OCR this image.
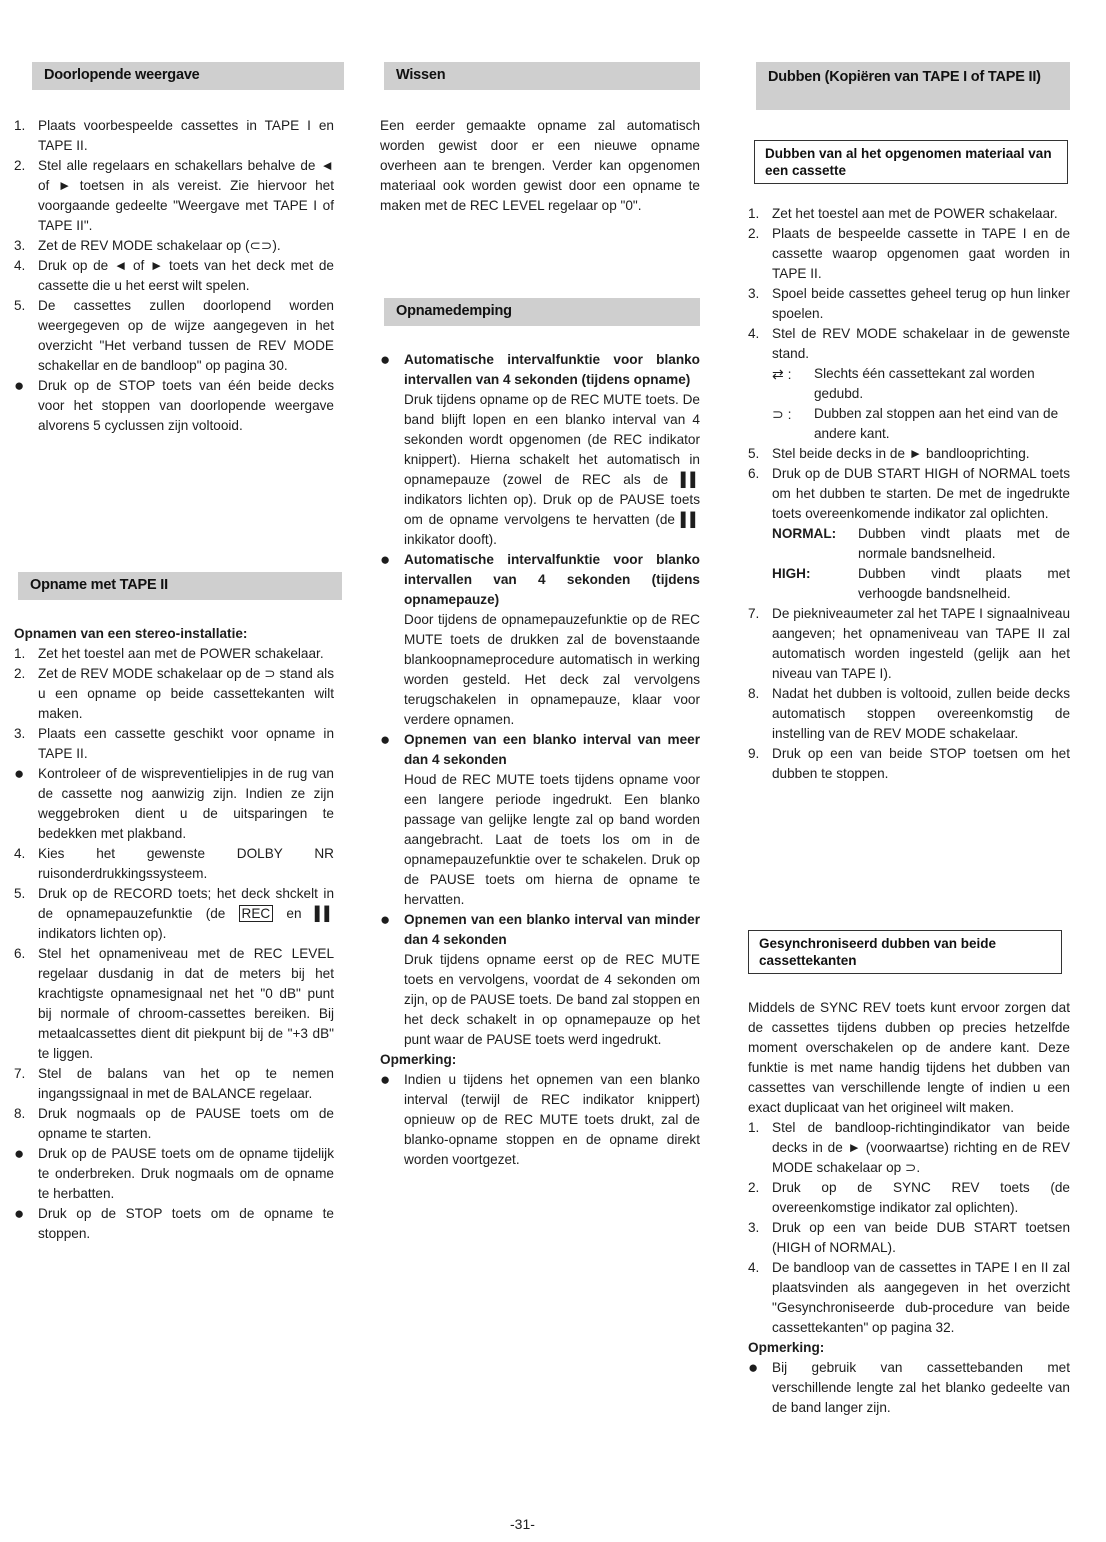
Doorlopende weergave
1. Plaats voorbespeelde cassettes in TAPE I en TAPE II.
2. Stel alle regelaars en schakellars behalve de ◄ of ► toetsen in als vereist. Zie hiervoor het voorgaande gedeelte "Weergave met TAPE I of TAPE II".
3. Zet de REV MODE schakelaar op (⊂⊃).
4. Druk op de ◄ of ► toets van het deck met de cassette die u het eerst wilt spelen.
5. De cassettes zullen doorlopend worden weergegeven op de wijze aangegeven in het overzicht "Het verband tussen de REV MODE schakellar en de bandloop" op pagina 30.
●	Druk op de STOP toets van één beide decks voor het stoppen van doorlopende weergave alvorens 5 cyclussen zijn voltooid.
Opname met TAPE II
Opnamen van een stereo-installatie:
1. Zet het toestel aan met de POWER schakelaar.
2. Zet de REV MODE schakelaar op de ⊃ stand als u een opname op beide cassettekanten wilt maken.
3. Plaats een cassette geschikt voor opname in TAPE II.
●	Kontroleer of de wispreventielipjes in de rug van de cassette nog aanwizig zijn. Indien ze zijn weggebroken dient u de uitsparingen te bedekken met plakband.
4. Kies het gewenste DOLBY NR ruisonderdrukkingssysteem.
5. Druk op de RECORD toets; het deck shckelt in de opnamepauzefunktie (de REC en ▌▌ indikators lichten op).
6. Stel het opnameniveau met de REC LEVEL regelaar dusdanig in dat de meters bij het krachtigste opnamesignaal net het "0 dB" punt bij normale of chroom-cassettes bereiken. Bij metaalcassettes dient dit piekpunt bij de "+3 dB" te liggen.
7. Stel de balans van het op te nemen ingangssignaal in met de BALANCE regelaar.
8. Druk nogmaals op de PAUSE toets om de opname te starten.
●	Druk op de PAUSE toets om de opname tijdelijk te onderbreken. Druk nogmaals om de opname te herbatten.
●	Druk op de STOP toets om de opname te stoppen.
Wissen
Een eerder gemaakte opname zal automatisch worden gewist door er een nieuwe opname overheen aan te brengen. Verder kan opgenomen materiaal ook worden gewist door een opname te maken met de REC LEVEL regelaar op "0".
Opnamedemping
●	Automatische intervalfunktie voor blanko intervallen van 4 sekonden (tijdens opname)
Druk tijdens opname op de REC MUTE toets. De band blijft lopen en een blanko interval van 4 sekonden wordt opgenomen (de REC indikator knippert). Hierna schakelt het automatisch in opnamepauze (zowel de REC als de ▌▌ indikators lichten op). Druk op de PAUSE toets om de opname vervolgens te hervatten (de ▌▌ inkikator dooft).
●	Automatische intervalfunktie voor blanko intervallen van 4 sekonden (tijdens opnamepauze)
Door tijdens de opnamepauzefunktie op de REC MUTE toets de drukken zal de bovenstaande blankoopnameprocedure automatisch in werking worden gesteld. Het deck zal vervolgens terugschakelen in opnamepauze, klaar voor verdere opnamen.
●	Opnemen van een blanko interval van meer dan 4 sekonden
Houd de REC MUTE toets tijdens opname voor een langere periode ingedrukt. Een blanko passage van gelijke lengte zal op band worden aangebracht. Laat de toets los om in de opnamepauzefunktie over te schakelen. Druk op de PAUSE toets om hierna de opname te hervatten.
●	Opnemen van een blanko interval van minder dan 4 sekonden
Druk tijdens opname eerst op de REC MUTE toets en vervolgens, voordat de 4 sekonden om zijn, op de PAUSE toets. De band zal stoppen en het deck schakelt in op opnamepauze op het punt waar de PAUSE toets werd ingedrukt.
Opmerking:
●	Indien u tijdens het opnemen van een blanko interval (terwijl de REC indikator knippert) opnieuw op de REC MUTE toets drukt, zal de blanko-opname stoppen en de opname direkt worden voortgezet.
Dubben (Kopiëren van TAPE I of TAPE II)
Dubben van al het opgenomen materiaal van een cassette
1. Zet het toestel aan met de POWER schakelaar.
2. Plaats de bespeelde cassette in TAPE I en de cassette waarop opgenomen gaat worden in TAPE II.
3. Spoel beide cassettes geheel terug op hun linker spoelen.
4. Stel de REV MODE schakelaar in de gewenste stand.
⇄ :	Slechts één cassettekant zal worden gedubd.
⊃ :	Dubben zal stoppen aan het eind van de andere kant.
5. Stel beide decks in de ► bandlooprichting.
6. Druk op de DUB START HIGH of NORMAL toets om het dubben te starten. De met de ingedrukte toets overeenkomende indikator zal oplichten.
NORMAL:	Dubben vindt plaats met de normale bandsnelheid.
HIGH:	Dubben vindt plaats met verhoogde bandsnelheid.
7. De piekniveaumeter zal het TAPE I signaalniveau aangeven; het opnameniveau van TAPE II zal automatisch worden ingesteld (gelijk aan het niveau van TAPE I).
8. Nadat het dubben is voltooid, zullen beide decks automatisch stoppen overeenkomstig de instelling van de REV MODE schakelaar.
9. Druk op een van beide STOP toetsen om het dubben te stoppen.
Gesynchroniseerd dubben van beide cassettekanten
Middels de SYNC REV toets kunt ervoor zorgen dat de cassettes tijdens dubben op precies hetzelfde moment overschakelen op de andere kant. Deze funktie is met name handig tijdens het dubben van cassettes van verschillende lengte of indien u een exact duplicaat van het origineel wilt maken.
1. Stel de bandloop-richtingindikator van beide decks in de ► (voorwaartse) richting en de REV MODE schakelaar op ⊃.
2. Druk op de SYNC REV toets (de overeenkomstige indikator zal oplichten).
3. Druk op een van beide DUB START toetsen (HIGH of NORMAL).
4. De bandloop van de cassettes in TAPE I en II zal plaatsvinden als aangegeven in het overzicht "Gesynchroniseerde dub-procedure van beide cassettekanten" op pagina 32.
Opmerking:
●	Bij gebruik van cassettebanden met verschillende lengte zal het blanko gedeelte van de band langer zijn.
-31-
